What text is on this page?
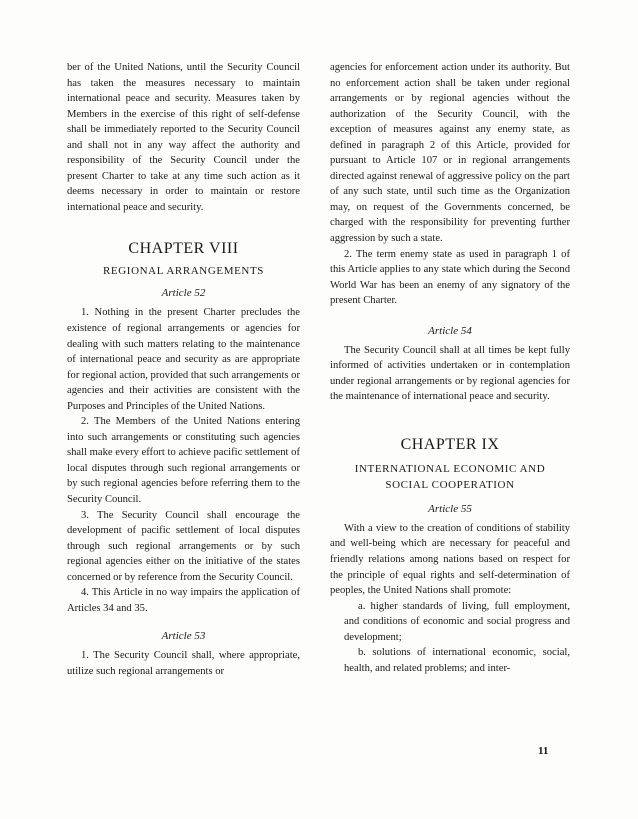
ber of the United Nations, until the Security Council has taken the measures necessary to maintain international peace and security. Measures taken by Members in the exercise of this right of self-defense shall be immediately reported to the Security Council and shall not in any way affect the authority and responsibility of the Security Council under the present Charter to take at any time such action as it deems necessary in order to maintain or restore international peace and security.

CHAPTER VIII

REGIONAL ARRANGEMENTS

Article 52

1. Nothing in the present Charter precludes the existence of regional arrangements or agencies for dealing with such matters relating to the maintenance of international peace and security as are appropriate for regional action, provided that such arrangements or agencies and their activities are consistent with the Purposes and Principles of the United Nations.

2. The Members of the United Nations entering into such arrangements or constituting such agencies shall make every effort to achieve pacific settlement of local disputes through such regional arrangements or by such regional agencies before referring them to the Security Council.

3. The Security Council shall encourage the development of pacific settlement of local disputes through such regional arrangements or by such regional agencies either on the initiative of the states concerned or by reference from the Security Council.

4. This Article in no way impairs the application of Articles 34 and 35.

Article 53

1. The Security Council shall, where appropriate, utilize such regional arrangements or

agencies for enforcement action under its authority. But no enforcement action shall be taken under regional arrangements or by regional agencies without the authorization of the Security Council, with the exception of measures against any enemy state, as defined in paragraph 2 of this Article, provided for pursuant to Article 107 or in regional arrangements directed against renewal of aggressive policy on the part of any such state, until such time as the Organization may, on request of the Governments concerned, be charged with the responsibility for preventing further aggression by such a state.

2. The term enemy state as used in paragraph 1 of this Article applies to any state which during the Second World War has been an enemy of any signatory of the present Charter.

Article 54

The Security Council shall at all times be kept fully informed of activities undertaken or in contemplation under regional arrangements or by regional agencies for the maintenance of international peace and security.

CHAPTER IX

INTERNATIONAL ECONOMIC AND

SOCIAL COOPERATION

Article 55

With a view to the creation of conditions of stability and well-being which are necessary for peaceful and friendly relations among nations based on respect for the principle of equal rights and self-determination of peoples, the United Nations shall promote:

a. higher standards of living, full employment, and conditions of economic and social progress and development;

b. solutions of international economic, social, health, and related problems; and inter-

11
